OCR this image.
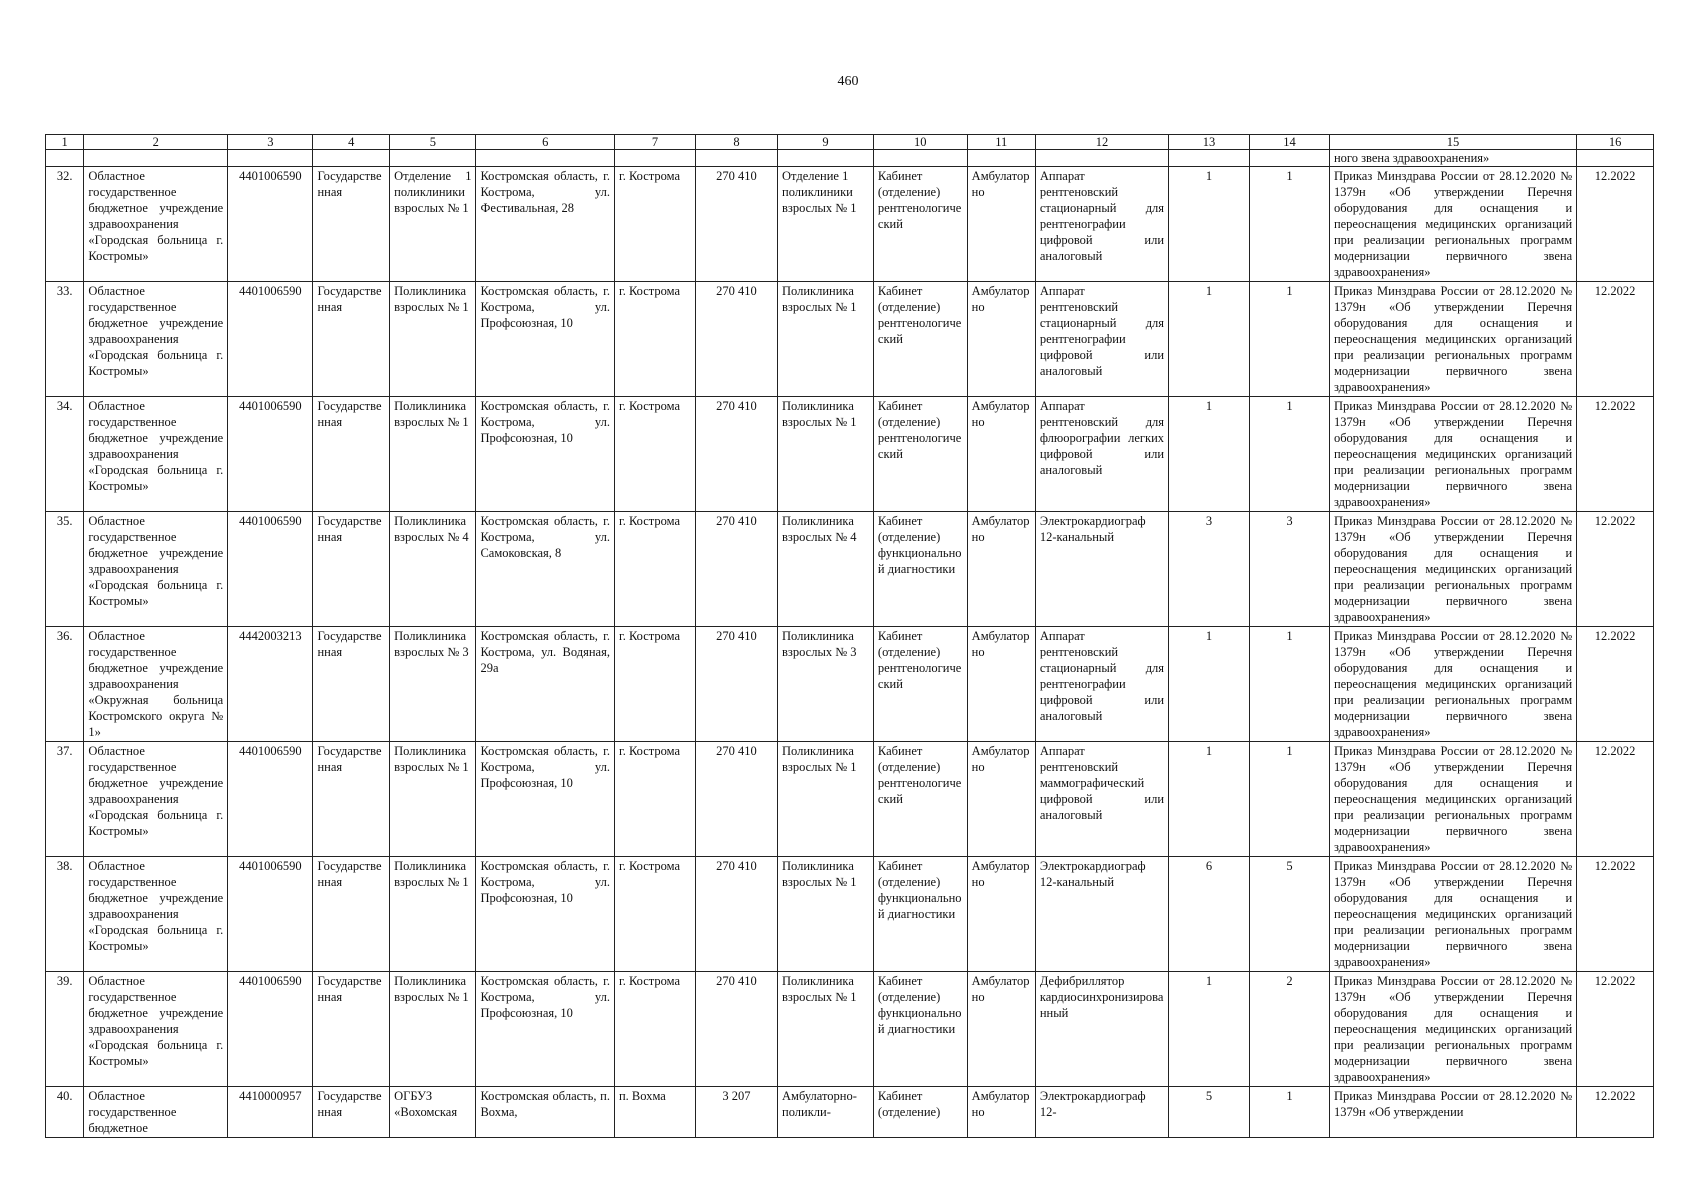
460
1	2	3	4	5	6	7	8	9	10	11	12	13	14	15	16
														ного звена здравоохранения»	
32.	Областное государственное бюджетное учреждение здравоохранения «Городская больница г. Костромы»	4401006590	Государственная	Отделение 1 поликлиники взрослых № 1	Костромская область, г. Кострома, ул. Фестивальная, 28	г. Кострома	270 410	Отделение 1 поликлиники взрослых № 1	Кабинет (отделение) рентгенологический	Амбулаторно	Аппарат рентгеновский стационарный для рентгенографии цифровой или аналоговый	1	1	Приказ Минздрава России от 28.12.2020 № 1379н «Об утверждении Перечня оборудования для оснащения и переоснащения медицинских организаций при реализации региональных программ модернизации первичного звена здравоохранения»	12.2022
33.	Областное государственное бюджетное учреждение здравоохранения «Городская больница г. Костромы»	4401006590	Государственная	Поликлиника взрослых № 1	Костромская область, г. Кострома, ул. Профсоюзная, 10	г. Кострома	270 410	Поликлиника взрослых № 1	Кабинет (отделение) рентгенологический	Амбулаторно	Аппарат рентгеновский стационарный для рентгенографии цифровой или аналоговый	1	1	Приказ Минздрава России от 28.12.2020 № 1379н «Об утверждении Перечня оборудования для оснащения и переоснащения медицинских организаций при реализации региональных программ модернизации первичного звена здравоохранения»	12.2022
34.	Областное государственное бюджетное учреждение здравоохранения «Городская больница г. Костромы»	4401006590	Государственная	Поликлиника взрослых № 1	Костромская область, г. Кострома, ул. Профсоюзная, 10	г. Кострома	270 410	Поликлиника взрослых № 1	Кабинет (отделение) рентгенологический	Амбулаторно	Аппарат рентгеновский для флюорографии легких цифровой или аналоговый	1	1	Приказ Минздрава России от 28.12.2020 № 1379н «Об утверждении Перечня оборудования для оснащения и переоснащения медицинских организаций при реализации региональных программ модернизации первичного звена здравоохранения»	12.2022
35.	Областное государственное бюджетное учреждение здравоохранения «Городская больница г. Костромы»	4401006590	Государственная	Поликлиника взрослых № 4	Костромская область, г. Кострома, ул. Самоковская, 8	г. Кострома	270 410	Поликлиника взрослых № 4	Кабинет (отделение) функциональной диагностики	Амбулаторно	Электрокардиограф 12-канальный	3	3	Приказ Минздрава России от 28.12.2020 № 1379н «Об утверждении Перечня оборудования для оснащения и переоснащения медицинских организаций при реализации региональных программ модернизации первичного звена здравоохранения»	12.2022
36.	Областное государственное бюджетное учреждение здравоохранения «Окружная больница Костромского округа № 1»	4442003213	Государственная	Поликлиника взрослых № 3	Костромская область, г. Кострома, ул. Водяная, 29а	г. Кострома	270 410	Поликлиника взрослых № 3	Кабинет (отделение) рентгенологический	Амбулаторно	Аппарат рентгеновский стационарный для рентгенографии цифровой или аналоговый	1	1	Приказ Минздрава России от 28.12.2020 № 1379н «Об утверждении Перечня оборудования для оснащения и переоснащения медицинских организаций при реализации региональных программ модернизации первичного звена здравоохранения»	12.2022
37.	Областное государственное бюджетное учреждение здравоохранения «Городская больница г. Костромы»	4401006590	Государственная	Поликлиника взрослых № 1	Костромская область, г. Кострома, ул. Профсоюзная, 10	г. Кострома	270 410	Поликлиника взрослых № 1	Кабинет (отделение) рентгенологический	Амбулаторно	Аппарат рентгеновский маммографический цифровой или аналоговый	1	1	Приказ Минздрава России от 28.12.2020 № 1379н «Об утверждении Перечня оборудования для оснащения и переоснащения медицинских организаций при реализации региональных программ модернизации первичного звена здравоохранения»	12.2022
38.	Областное государственное бюджетное учреждение здравоохранения «Городская больница г. Костромы»	4401006590	Государственная	Поликлиника взрослых № 1	Костромская область, г. Кострома, ул. Профсоюзная, 10	г. Кострома	270 410	Поликлиника взрослых № 1	Кабинет (отделение) функциональной диагностики	Амбулаторно	Электрокардиограф 12-канальный	6	5	Приказ Минздрава России от 28.12.2020 № 1379н «Об утверждении Перечня оборудования для оснащения и переоснащения медицинских организаций при реализации региональных программ модернизации первичного звена здравоохранения»	12.2022
39.	Областное государственное бюджетное учреждение здравоохранения «Городская больница г. Костромы»	4401006590	Государственная	Поликлиника взрослых № 1	Костромская область, г. Кострома, ул. Профсоюзная, 10	г. Кострома	270 410	Поликлиника взрослых № 1	Кабинет (отделение) функциональной диагностики	Амбулаторно	Дефибриллятор кардиосинхронизированный	1	2	Приказ Минздрава России от 28.12.2020 № 1379н «Об утверждении Перечня оборудования для оснащения и переоснащения медицинских организаций при реализации региональных программ модернизации первичного звена здравоохранения»	12.2022
40.	Областное государственное бюджетное	4410000957	Государственная	ОГБУЗ «Вохомская	Костромская область, п. Вохма,	п. Вохма	3 207	Амбулаторно-поликли-	Кабинет (отделение)	Амбулаторно	Электрокардиограф 12-	5	1	Приказ Минздрава России от 28.12.2020 № 1379н «Об утверждении	12.2022
